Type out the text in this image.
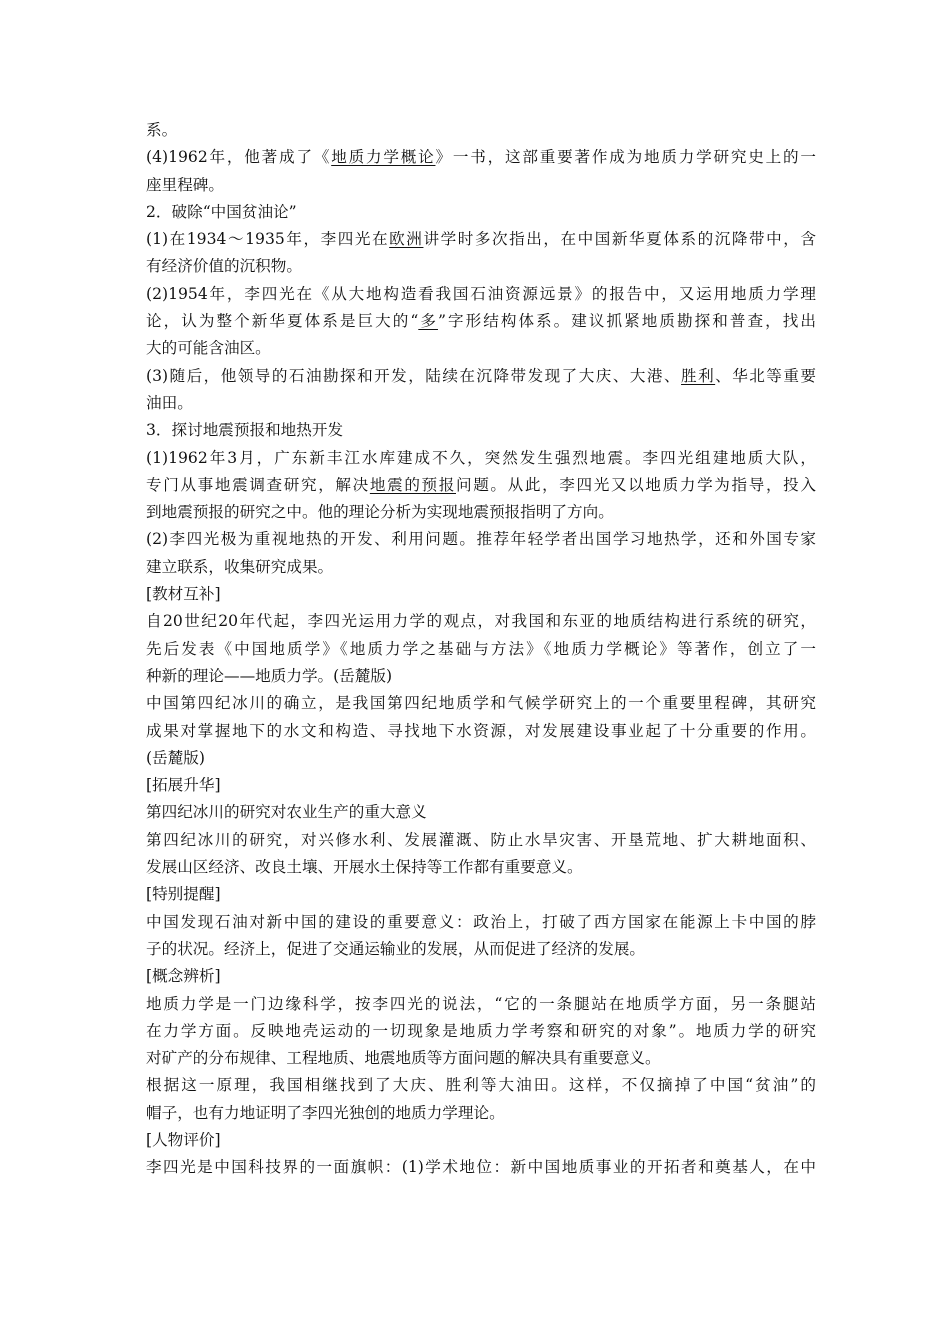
系。
(4)1962年，他著成了《地质力学概论》一书，这部重要著作成为地质力学研究史上的一
座里程碑。
2．破除“中国贫油论”
(1)在1934～1935年，李四光在欧洲讲学时多次指出，在中国新华夏体系的沉降带中，含
有经济价值的沉积物。
(2)1954年，李四光在《从大地构造看我国石油资源远景》的报告中，又运用地质力学理
论，认为整个新华夏体系是巨大的“多”字形结构体系。建议抓紧地质勘探和普查，找出
大的可能含油区。
(3)随后，他领导的石油勘探和开发，陆续在沉降带发现了大庆、大港、胜利、华北等重要
油田。
3．探讨地震预报和地热开发
(1)1962年3月，广东新丰江水库建成不久，突然发生强烈地震。李四光组建地质大队，
专门从事地震调查研究，解决地震的预报问题。从此，李四光又以地质力学为指导，投入
到地震预报的研究之中。他的理论分析为实现地震预报指明了方向。
(2)李四光极为重视地热的开发、利用问题。推荐年轻学者出国学习地热学，还和外国专家
建立联系，收集研究成果。
[教材互补]
自20世纪20年代起，李四光运用力学的观点，对我国和东亚的地质结构进行系统的研究，
先后发表《中国地质学》《地质力学之基础与方法》《地质力学概论》等著作，创立了一
种新的理论——地质力学。(岳麓版)
中国第四纪冰川的确立，是我国第四纪地质学和气候学研究上的一个重要里程碑，其研究
成果对掌握地下的水文和构造、寻找地下水资源，对发展建设事业起了十分重要的作用。
(岳麓版)
[拓展升华]
第四纪冰川的研究对农业生产的重大意义
第四纪冰川的研究，对兴修水利、发展灌溉、防止水旱灾害、开垦荒地、扩大耕地面积、
发展山区经济、改良土壤、开展水土保持等工作都有重要意义。
[特别提醒]
中国发现石油对新中国的建设的重要意义：政治上，打破了西方国家在能源上卡中国的脖
子的状况。经济上，促进了交通运输业的发展，从而促进了经济的发展。
[概念辨析]
地质力学是一门边缘科学，按李四光的说法，“它的一条腿站在地质学方面，另一条腿站
在力学方面。反映地壳运动的一切现象是地质力学考察和研究的对象”。地质力学的研究
对矿产的分布规律、工程地质、地震地质等方面问题的解决具有重要意义。
根据这一原理，我国相继找到了大庆、胜利等大油田。这样，不仅摘掉了中国“贫油”的
帽子，也有力地证明了李四光独创的地质力学理论。
[人物评价]
李四光是中国科技界的一面旗帜：(1)学术地位：新中国地质事业的开拓者和奠基人，在中
